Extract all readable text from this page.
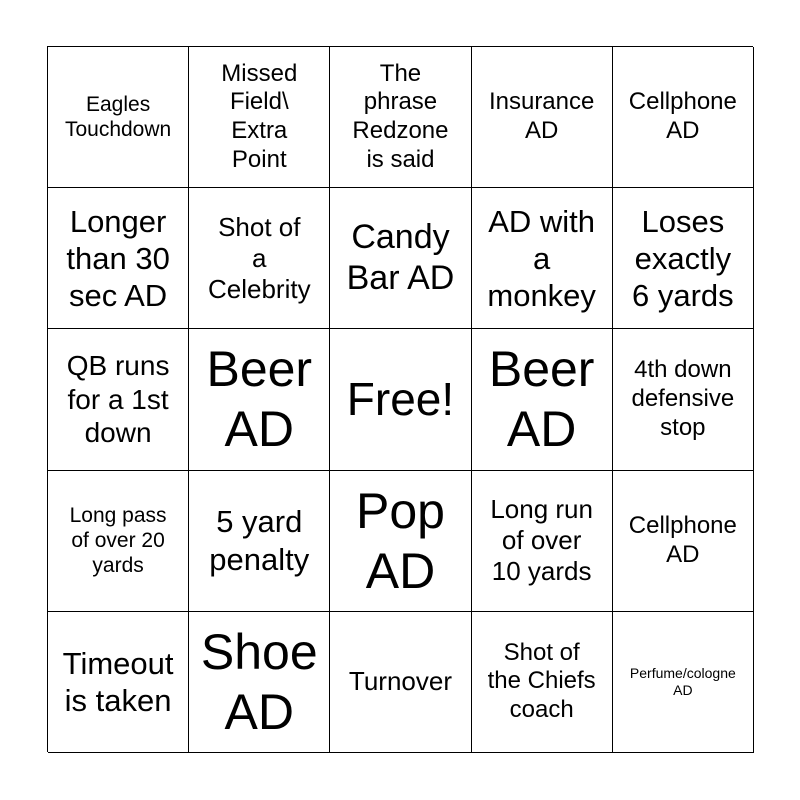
Eagles
Touchdown
Missed
Field\
Extra
Point
The
phrase
Redzone
is said
Insurance
AD
Cellphone
AD
Longer
than 30
sec AD
Shot of
a
Celebrity
Candy
Bar AD
AD with
a
monkey
Loses
exactly
6 yards
QB runs
for a 1st
down
Beer
AD
Free!
Beer
AD
4th down
defensive
stop
Long pass
of over 20
yards
5 yard
penalty
Pop
AD
Long run
of over
10 yards
Cellphone
AD
Timeout
is taken
Shoe
AD
Turnover
Shot of
the Chiefs
coach
Perfume/cologne
AD
